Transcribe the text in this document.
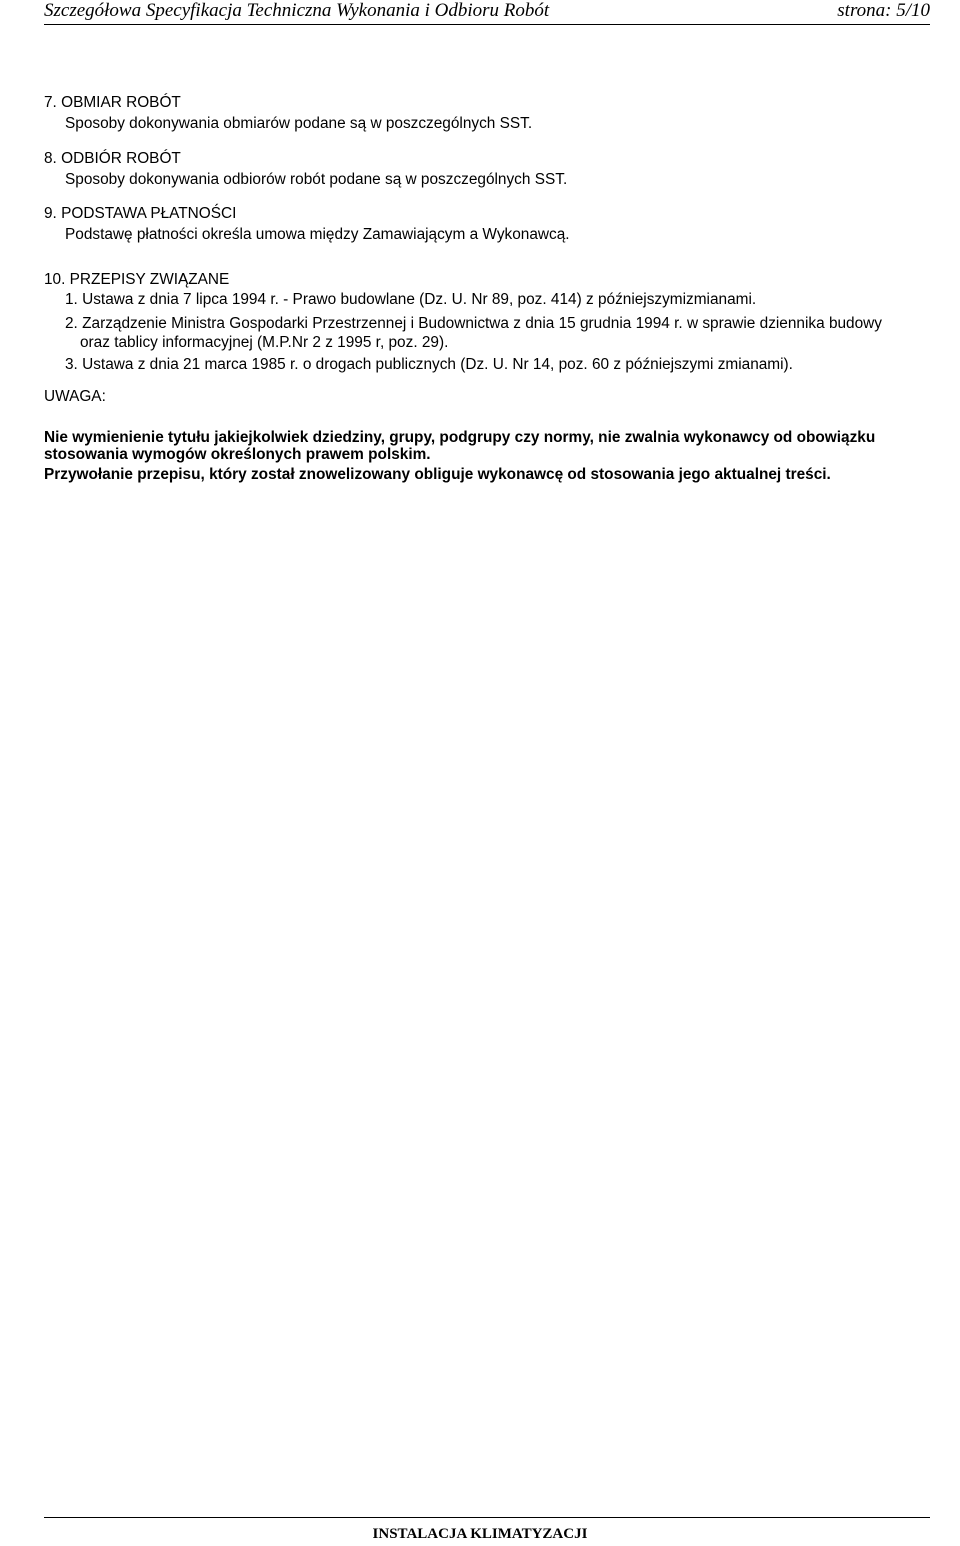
Szczegółowa Specyfikacja Techniczna Wykonania i Odbioru Robót	strona: 5/10
7. OBMIAR ROBÓT
Sposoby dokonywania obmiarów podane są w poszczególnych SST.
8. ODBIÓR ROBÓT
Sposoby dokonywania odbiorów robót podane są w poszczególnych SST.
9. PODSTAWA PŁATNOŚCI
Podstawę płatności określa umowa między Zamawiającym a Wykonawcą.
10. PRZEPISY ZWIĄZANE
1. Ustawa z dnia 7 lipca 1994 r. - Prawo budowlane (Dz. U. Nr 89, poz. 414) z późniejszymizmianami.
2. Zarządzenie Ministra Gospodarki Przestrzennej i Budownictwa z dnia 15 grudnia 1994 r. w sprawie dziennika budowy
oraz tablicy informacyjnej (M.P.Nr 2 z 1995 r, poz. 29).
3. Ustawa z dnia 21 marca 1985 r. o drogach publicznych (Dz. U. Nr 14, poz. 60 z późniejszymi zmianami).
UWAGA:
Nie wymienienie tytułu jakiejkolwiek dziedziny, grupy, podgrupy czy normy, nie zwalnia wykonawcy od obowiązku
stosowania wymogów określonych prawem polskim.
Przywołanie przepisu, który został znowelizowany obliguje wykonawcę od stosowania jego aktualnej treści.
INSTALACJA KLIMATYZACJI
